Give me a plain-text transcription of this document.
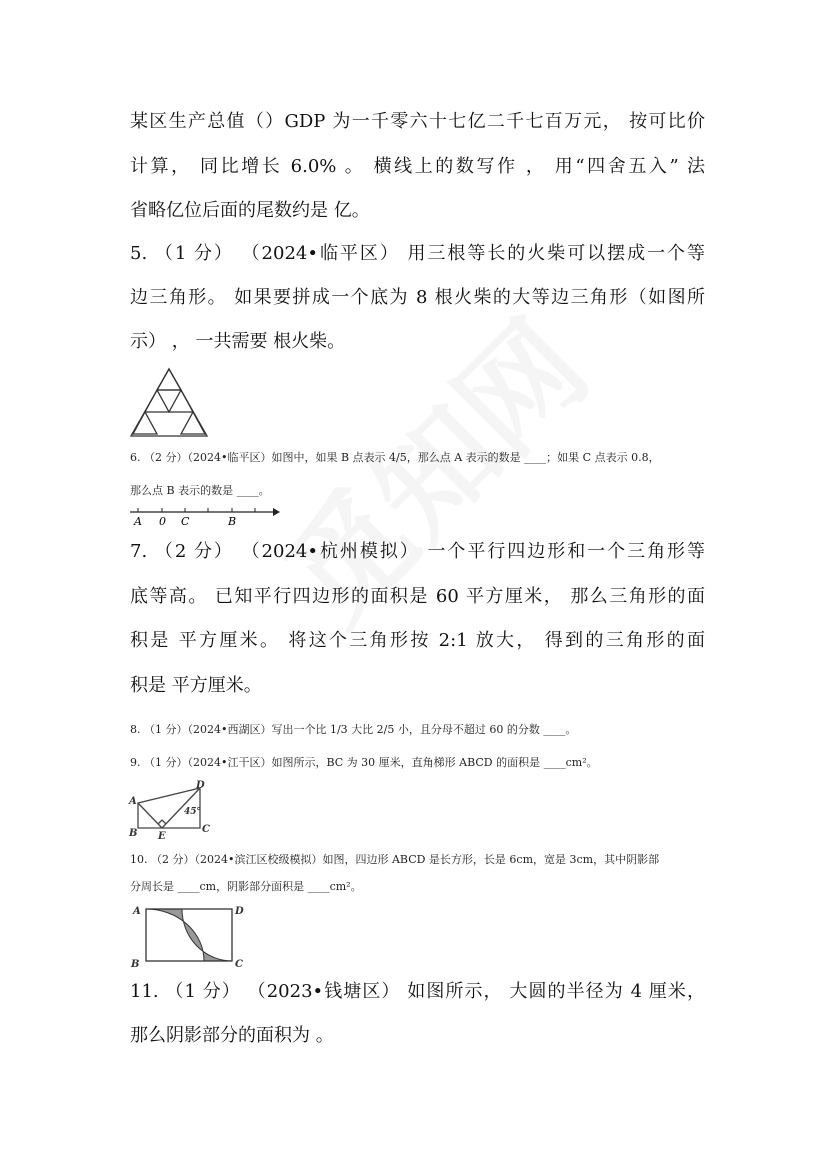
某区生产总值（）GDP 为一千零六十七亿二千七百万元， 按可比价
计算， 同比增长 6.0% 。 横线上的数写作 ， 用“四舍五入” 法
省略亿位后面的尾数约是 亿。
5. （1 分） （2024•临平区） 用三根等长的火柴可以摆成一个等
边三角形。 如果要拼成一个底为 8 根火柴的大等边三角形（如图所
示） ， 一共需要 根火柴。
6. （2 分）（2024•临平区）如图中，如果 B 点表示 4/5，那么点 A 表示的数是 ____；如果 C 点表示 0.8，
那么点 B 表示的数是 ____。
A 0 C	B
7. （2 分） （2024•杭州模拟） 一个平行四边形和一个三角形等
底等高。 已知平行四边形的面积是 60 平方厘米， 那么三角形的面
积是 平方厘米。 将这个三角形按 2:1 放大， 得到的三角形的面
积是 平方厘米。
8. （1 分）（2024•西湖区）写出一个比 1/3 大比 2/5 小，且分母不超过 60 的分数 ____。
9. （1 分）（2024•江干区）如图所示，BC 为 30 厘米，直角梯形 ABCD 的面积是 ____cm²。
A
B	C
D
E
45°
10. （2 分）（2024•滨江区校级模拟）如图，四边形 ABCD 是长方形，长是 6cm，宽是 3cm，其中阴影部
分周长是 ____cm，阴影部分面积是 ____cm²。
A
B	C
D
11. （1 分） （2023•钱塘区） 如图所示， 大圆的半径为 4 厘米，
那么阴影部分的面积为 。
